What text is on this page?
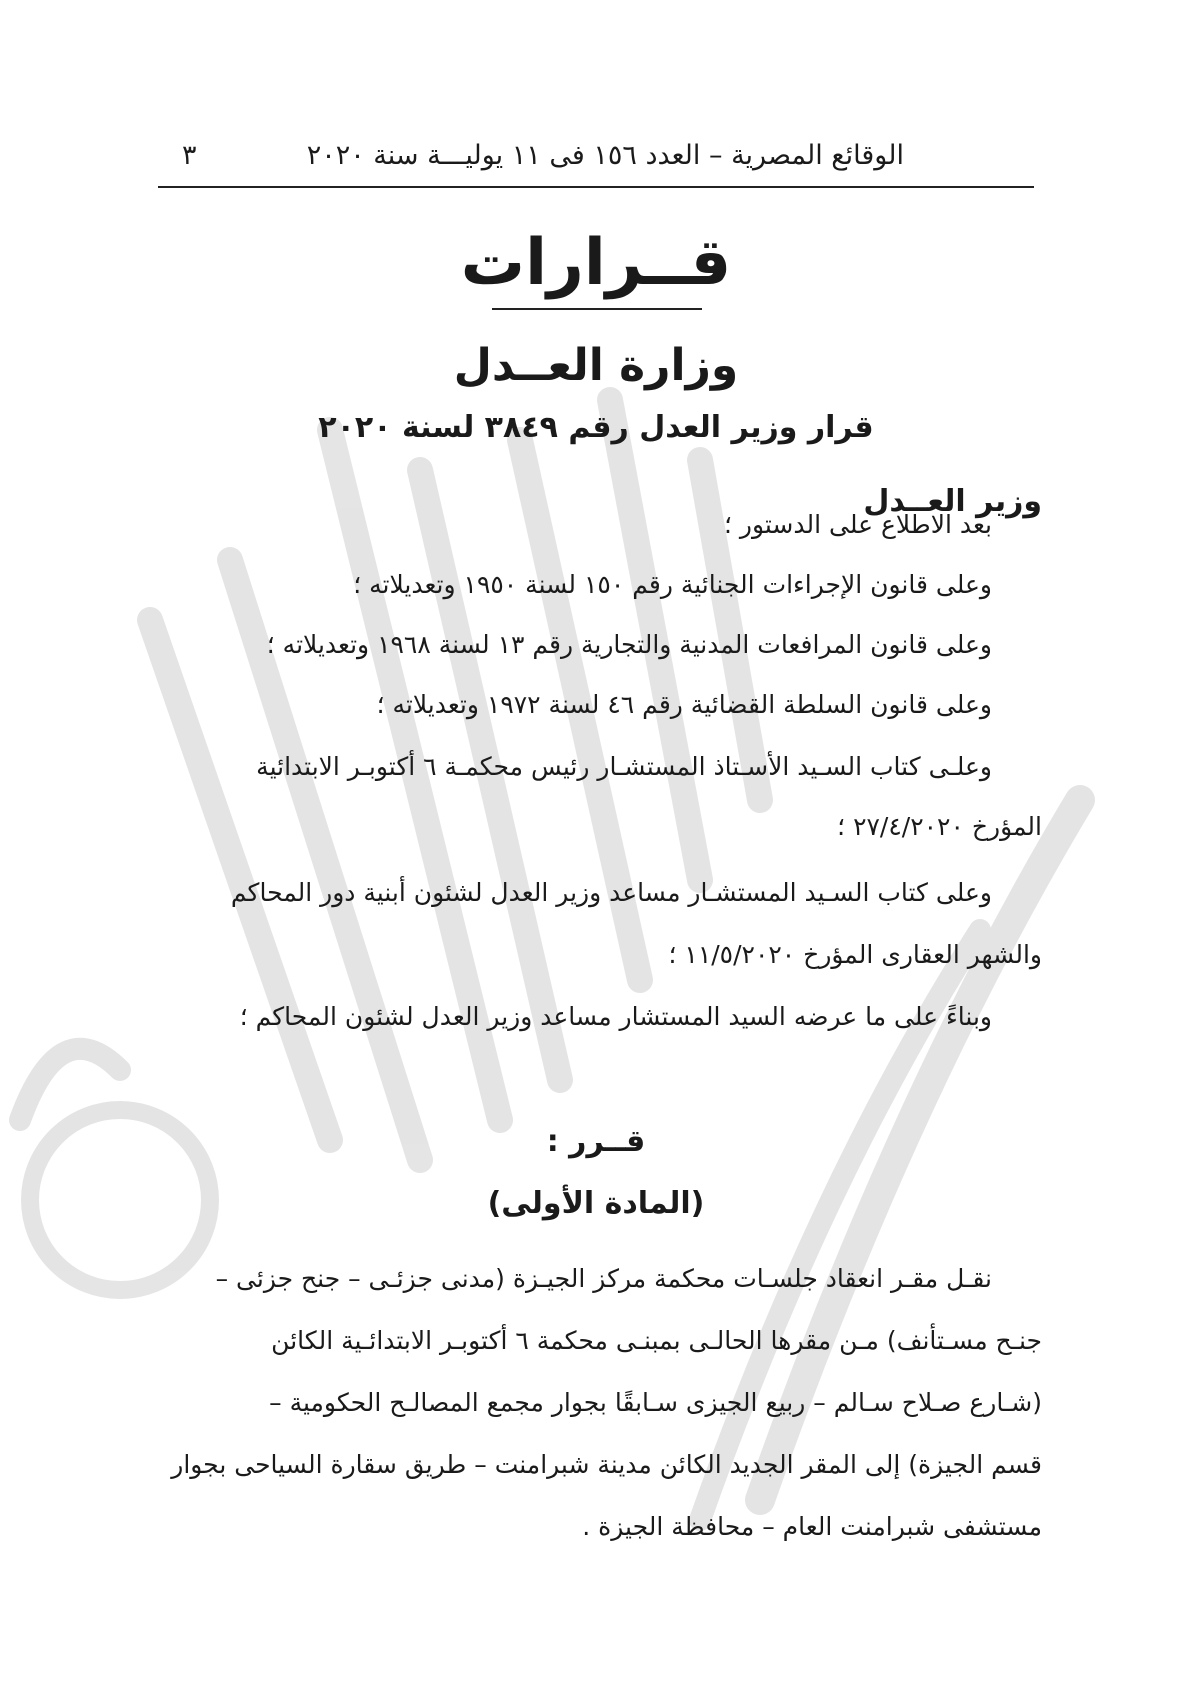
الوقائع المصرية – العدد ١٥٦ فى ١١ يوليـــة سنة ٢٠٢٠
٣
قــرارات
وزارة العــدل
قرار وزير العدل رقم ٣٨٤٩ لسنة ٢٠٢٠
وزير العــدل
بعد الاطلاع على الدستور ؛
وعلى قانون الإجراءات الجنائية رقم ١٥٠ لسنة ١٩٥٠ وتعديلاته ؛
وعلى قانون المرافعات المدنية والتجارية رقم ١٣ لسنة ١٩٦٨ وتعديلاته ؛
وعلى قانون السلطة القضائية رقم ٤٦ لسنة ١٩٧٢ وتعديلاته ؛
وعلـى كتاب السـيد الأسـتاذ المستشـار رئيس محكمـة ٦ أكتوبـر الابتدائية
المؤرخ ٢٧/٤/٢٠٢٠ ؛
وعلى كتاب السـيد المستشـار مساعد وزير العدل لشئون أبنية دور المحاكم
والشهر العقارى المؤرخ ١١/٥/٢٠٢٠ ؛
وبناءً على ما عرضه السيد المستشار مساعد وزير العدل لشئون المحاكم ؛
قــرر :
(المادة الأولى)
نقـل مقـر انعقاد جلسـات محكمة مركز الجيـزة (مدنى جزئـى – جنح جزئى –
جنـح مسـتأنف) مـن مقرها الحالـى بمبنـى محكمة ٦ أكتوبـر الابتدائـية الكائن
(شـارع صـلاح سـالم – ربيع الجيزى سـابقًا بجوار مجمع المصالـح الحكومية –
قسم الجيزة) إلى المقر الجديد الكائن مدينة شبرامنت – طريق سقارة السياحى بجوار
مستشفى شبرامنت العام – محافظة الجيزة .
